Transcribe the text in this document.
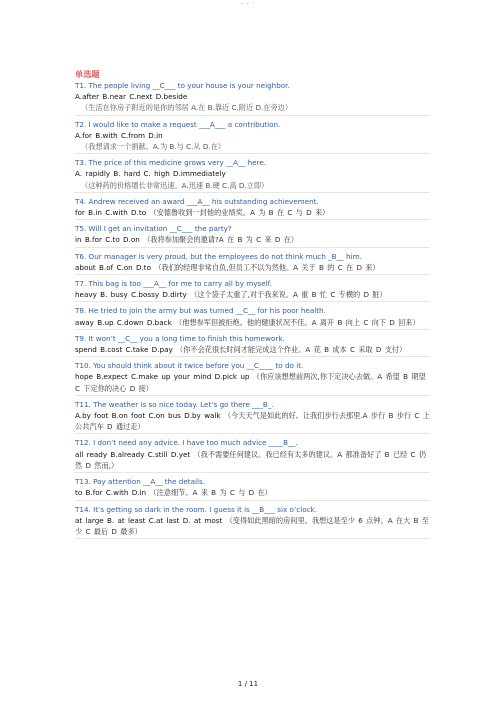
- - ·
单选题
T1. The people living __C___ to your house is your neighbor.
A.after B.near C.next D.beside
（生活在你房子附近的是你的邻居 A.在 B.靠近 C.附近 D.在旁边）
T2. I would like to make a request ___A___ a contribution.
A.for B.with C.from D.in
（我想请求一个捐献。A.为 B.与 C.从 D.在）
T3. The price of this medicine grows very __A__ here.
A. rapidly B. hard C. high D.immediately
（这种药的价格增长非常迅速。A.迅速 B.硬 C.高 D.立即）
T4. Andrew received an award ___A__ his outstanding achievement.
for B.in C.with D.to （安德鲁收到一封他的业绩奖。A 为 B 在 C 与 D 来）
T5. Will I get an invitation __C___ the party?
in B.for C.to D.on （我将参加聚会的邀请?A 在 B 为 C 来 D 在）
T6. Our manager is very proud, but the employees do not think much _B__ him.
about B.of C.on D.to （我们的经理非常自负,但员工不以为然他。A 关于 B 的 C 在 D 来）
T7. This bag is too ___A__ for me to carry all by myself.
heavy B. busy C.bossy D.dirty （这个袋子太重了,对于我来说。A 重 B 忙 C 专横的 D 脏）
T8. He tried to join the army but was turned __C__ for his poor health.
away B.up C.down D.back （他想参军但被拒绝。他的健康状况不佳。A 离开 B 向上 C 向下 D 回来）
T9. It won’t __C__ you a long time to finish this homework.
spend B.cost C.take D.pay （你不会花很长时间才能完成这个作业。A 花 B 成本 C 采取 D 支付）
T10. You should think about it twice before you __C____ to do it.
hope B.expect C.make up your mind D.pick up （你应该想想前两次,你下定决心去做。A 希望 B 期望 C 下定你的决心 D 接）
T11. The weather is so nice today. Let’s go there ___B_.
A.by foot B.on foot C.on bus D.by walk （今天天气是如此的好。让我们步行去那里.A 步行 B 步行 C 上公共汽车 D 通过走）
T12. I don’t need any advice. I have too much advice ____B__.
all ready B.already C.still D.yet （我不需要任何建议。我已经有太多的建议。A 都准备好了 B 已经 C 仍然 D 然而,）
T13. Pay attention __A__ the details.
to B.for C.with D.in （注意细节。A 来 B 为 C 与 D 在）
T14. It’s getting so dark in the room. I guess it is __B___ six o’clock.
at large B. at least C.at last D. at most （变得如此黑暗的房间里。我想这是至少 6 点钟。A 在大 B 至少 C 最后 D 最多）
1 / 11
